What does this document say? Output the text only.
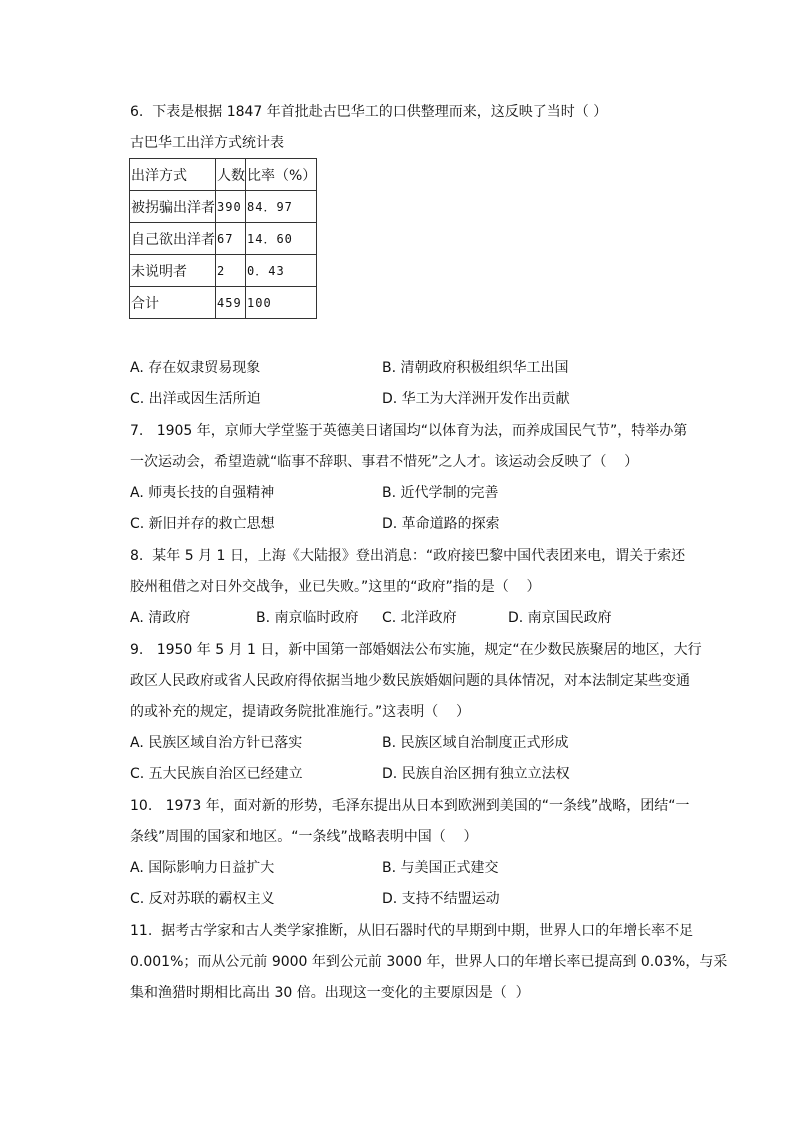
6.  下表是根据 1847 年首批赴古巴华工的口供整理而来，这反映了当时（ ）
古巴华工出洋方式统计表
出洋方式	人数	比率（%）
被拐骗出洋者	390	84．97
自己欲出洋者	67	14．60
未说明者	2	0．43
合计	459	100
A. 存在奴隶贸易现象	B. 清朝政府积极组织华工出国
C. 出洋或因生活所迫	D. 华工为大洋洲开发作出贡献
7.   1905 年，京师大学堂鉴于英德美日诸国均“以体育为法，而养成国民气节”，特举办第
一次运动会，希望造就“临事不辞职、事君不惜死”之人才。该运动会反映了（    ）
A. 师夷长技的自强精神	B. 近代学制的完善
C. 新旧并存的救亡思想	D. 革命道路的探索
8.  某年 5 月 1 日，上海《大陆报》登出消息：“政府接巴黎中国代表团来电，谓关于索还
胶州租借之对日外交战争，业已失败。”这里的“政府”指的是（    ）
A. 清政府	B. 南京临时政府 C. 北洋政府	D. 南京国民政府
9.   1950 年 5 月 1 日，新中国第一部婚姻法公布实施，规定“在少数民族聚居的地区，大行
政区人民政府或省人民政府得依据当地少数民族婚姻问题的具体情况，对本法制定某些变通
的或补充的规定，提请政务院批准施行。”这表明（    ）
A. 民族区域自治方针已落实	B. 民族区域自治制度正式形成
C. 五大民族自治区已经建立	D. 民族自治区拥有独立立法权
10.   1973 年，面对新的形势，毛泽东提出从日本到欧洲到美国的“一条线”战略，团结“一
条线”周围的国家和地区。“一条线”战略表明中国（    ）
A. 国际影响力日益扩大	B. 与美国正式建交
C. 反对苏联的霸权主义	D. 支持不结盟运动
11.  据考古学家和古人类学家推断，从旧石器时代的早期到中期，世界人口的年增长率不足
0.001%；而从公元前 9000 年到公元前 3000 年，世界人口的年增长率已提高到 0.03%，与采
集和渔猎时期相比高出 30 倍。出现这一变化的主要原因是（  ）
